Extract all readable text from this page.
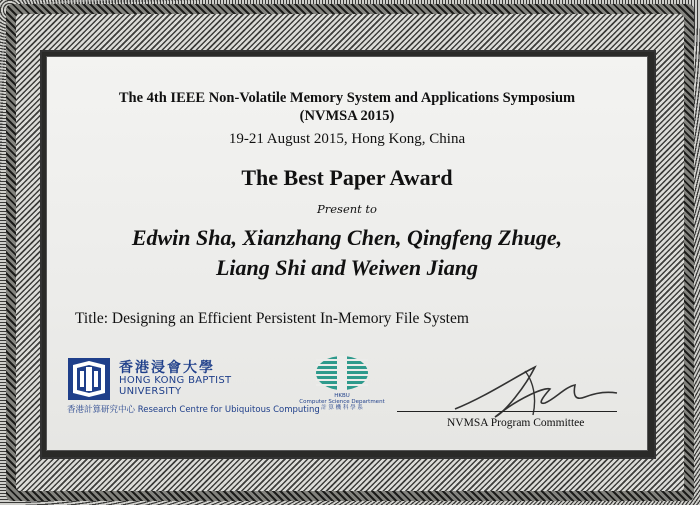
The 4th IEEE Non-Volatile Memory System and Applications Symposium
(NVMSA 2015)
19-21 August 2015, Hong Kong, China
The Best Paper Award
Present to
Edwin Sha, Xianzhang Chen, Qingfeng Zhuge,
Liang Shi and Weiwen Jiang
Title: Designing an Efficient Persistent In-Memory File System
香港浸會大學
HONG KONG BAPTIST UNIVERSITY
香港計算研究中心 Research Centre for Ubiquitous Computing
HKBU
Computer Science Department
計 算 機 科 學 系
NVMSA Program Committee
